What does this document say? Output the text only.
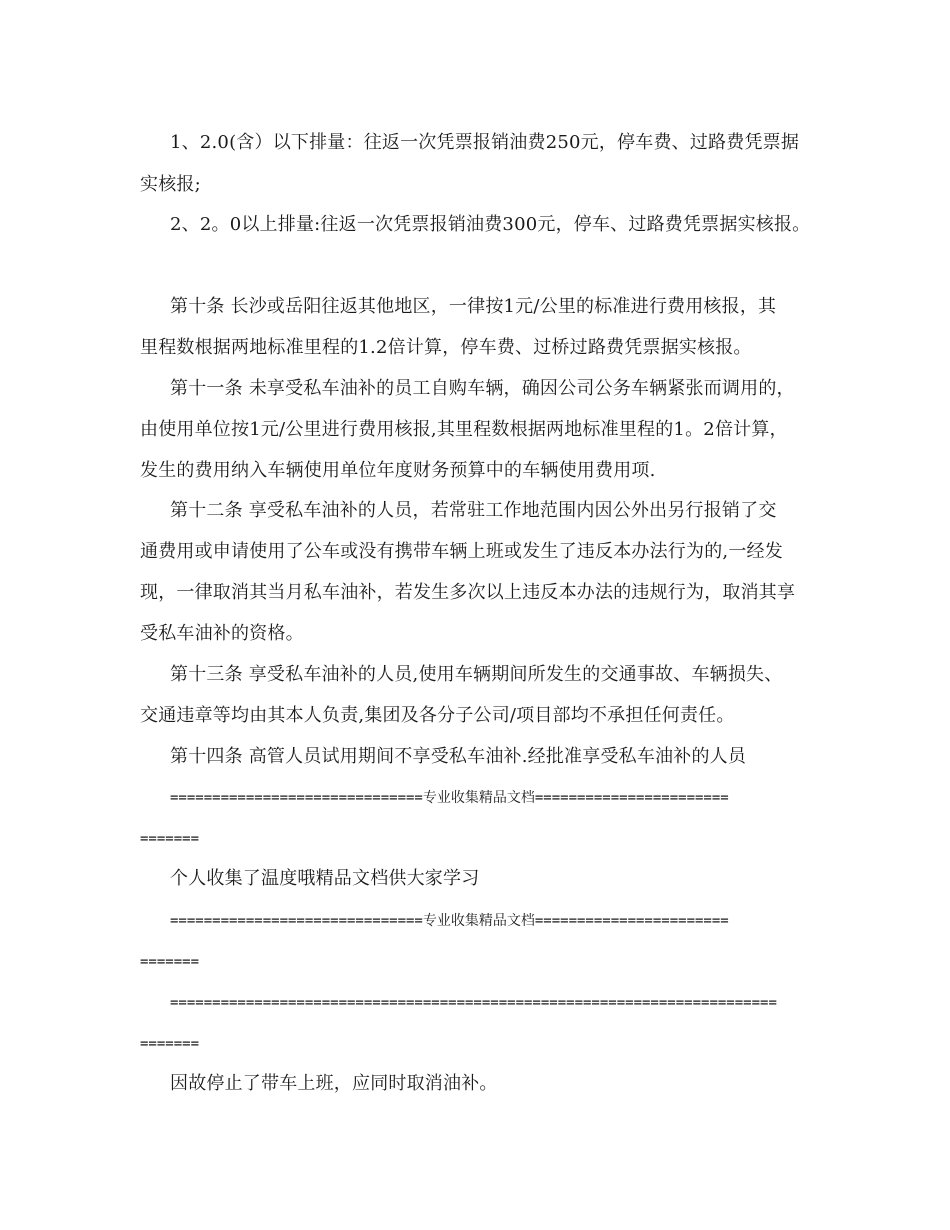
1、2.0(含）以下排量：往返一次凭票报销油费250元，停车费、过路费凭票据
实核报;
2、2。0以上排量:往返一次凭票报销油费300元，停车、过路费凭票据实核报。
第十条 长沙或岳阳往返其他地区，一律按1元/公里的标准进行费用核报，其
里程数根据两地标准里程的1.2倍计算，停车费、过桥过路费凭票据实核报。
第十一条 未享受私车油补的员工自购车辆，确因公司公务车辆紧张而调用的，
由使用单位按1元/公里进行费用核报,其里程数根据两地标准里程的1。2倍计算，
发生的费用纳入车辆使用单位年度财务预算中的车辆使用费用项.
第十二条 享受私车油补的人员，若常驻工作地范围内因公外出另行报销了交
通费用或申请使用了公车或没有携带车辆上班或发生了违反本办法行为的,一经发
现，一律取消其当月私车油补，若发生多次以上违反本办法的违规行为，取消其享
受私车油补的资格。
第十三条 享受私车油补的人员,使用车辆期间所发生的交通事故、车辆损失、
交通违章等均由其本人负责,集团及各分子公司/项目部均不承担任何责任。
第十四条 高管人员试用期间不享受私车油补.经批准享受私车油补的人员
==============================专业收集精品文档=======================
=======
个人收集了温度哦精品文档供大家学习
==============================专业收集精品文档=======================
=======
========================================================================
=======
因故停止了带车上班，应同时取消油补。
